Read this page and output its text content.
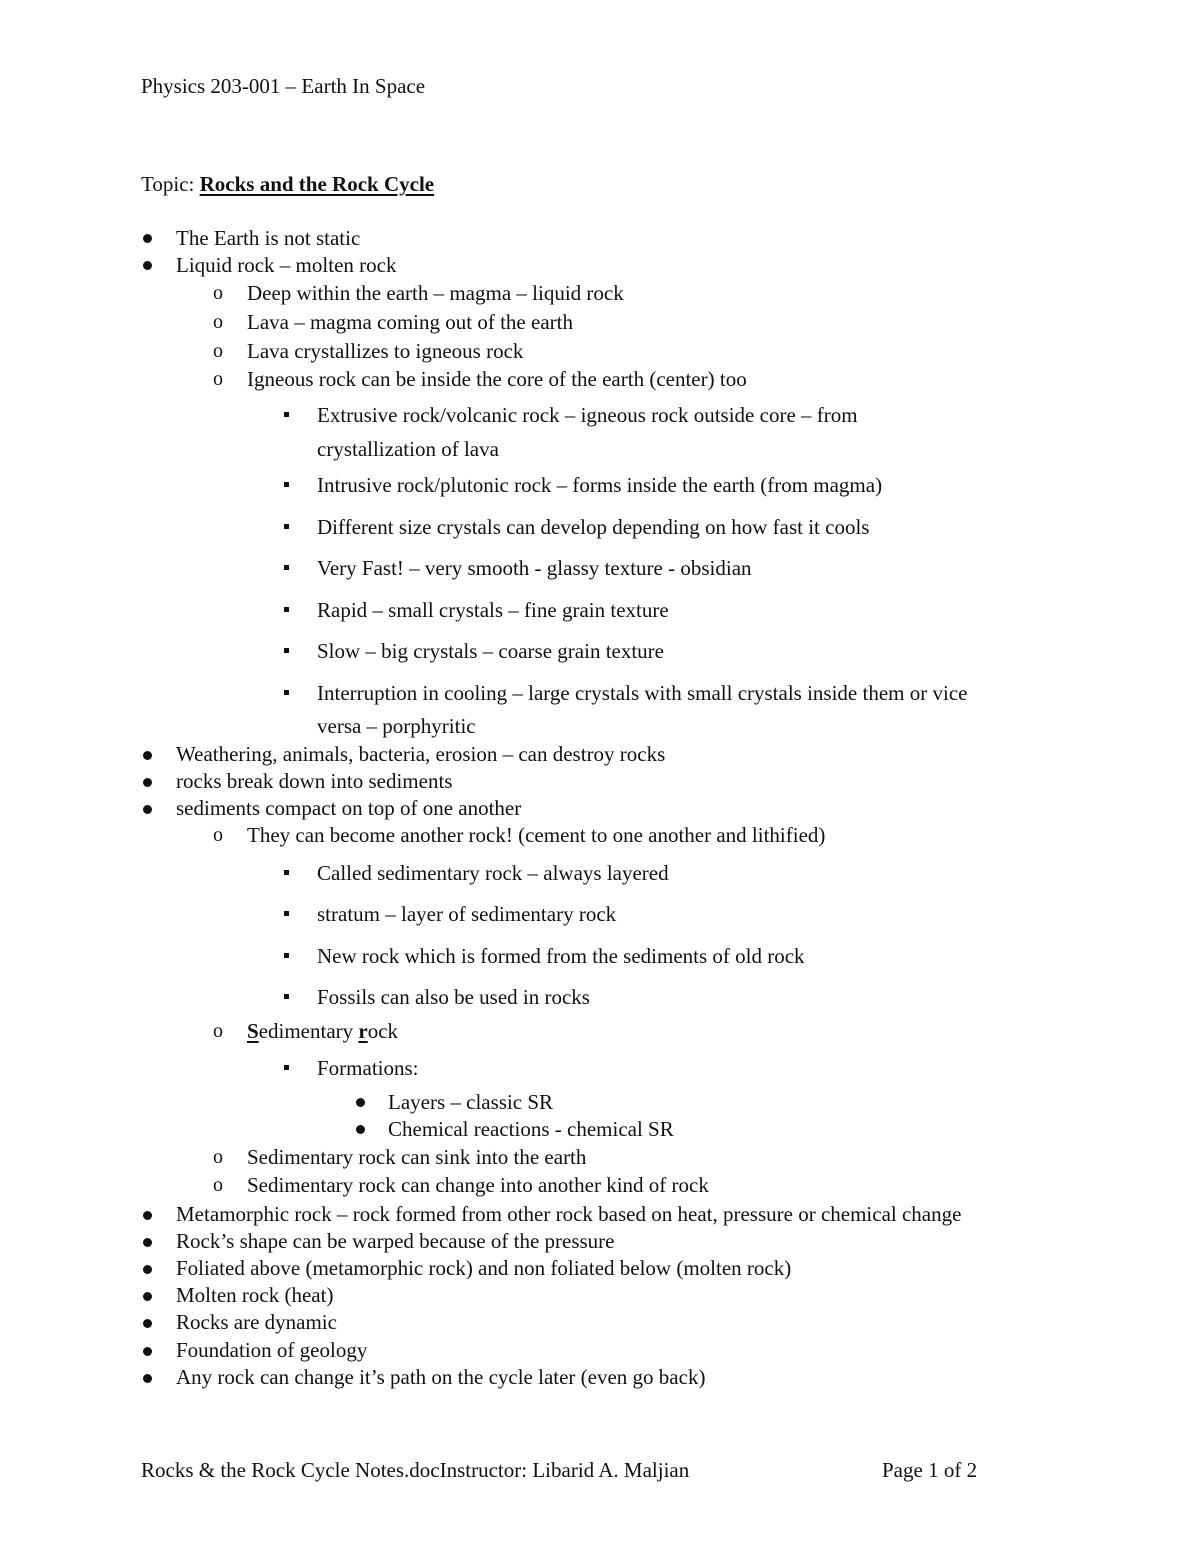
Physics 203-001 – Earth In Space
Topic: Rocks and the Rock Cycle
The Earth is not static
Liquid rock – molten rock
o Deep within the earth – magma – liquid rock
o Lava – magma coming out of the earth
o Lava crystallizes to igneous rock
o Igneous rock can be inside the core of the earth (center) too
Extrusive rock/volcanic rock – igneous rock outside core – from
crystallization of lava
Intrusive rock/plutonic rock – forms inside the earth (from magma)
Different size crystals can develop depending on how fast it cools
Very Fast! – very smooth - glassy texture - obsidian
Rapid – small crystals – fine grain texture
Slow – big crystals – coarse grain texture
Interruption in cooling – large crystals with small crystals inside them or vice
versa – porphyritic
Weathering, animals, bacteria, erosion – can destroy rocks
rocks break down into sediments
sediments compact on top of one another
o They can become another rock! (cement to one another and lithified)
Called sedimentary rock – always layered
stratum – layer of sedimentary rock
New rock which is formed from the sediments of old rock
Fossils can also be used in rocks
o Sedimentary rock
Formations:
Layers – classic SR
Chemical reactions - chemical SR
o Sedimentary rock can sink into the earth
o Sedimentary rock can change into another kind of rock
Metamorphic rock – rock formed from other rock based on heat, pressure or chemical change
Rock’s shape can be warped because of the pressure
Foliated above (metamorphic rock) and non foliated below (molten rock)
Molten rock (heat)
Rocks are dynamic
Foundation of geology
Any rock can change it’s path on the cycle later (even go back)
Rocks & the Rock Cycle Notes.docInstructor: Libarid A. Maljian	Page 1 of 2
